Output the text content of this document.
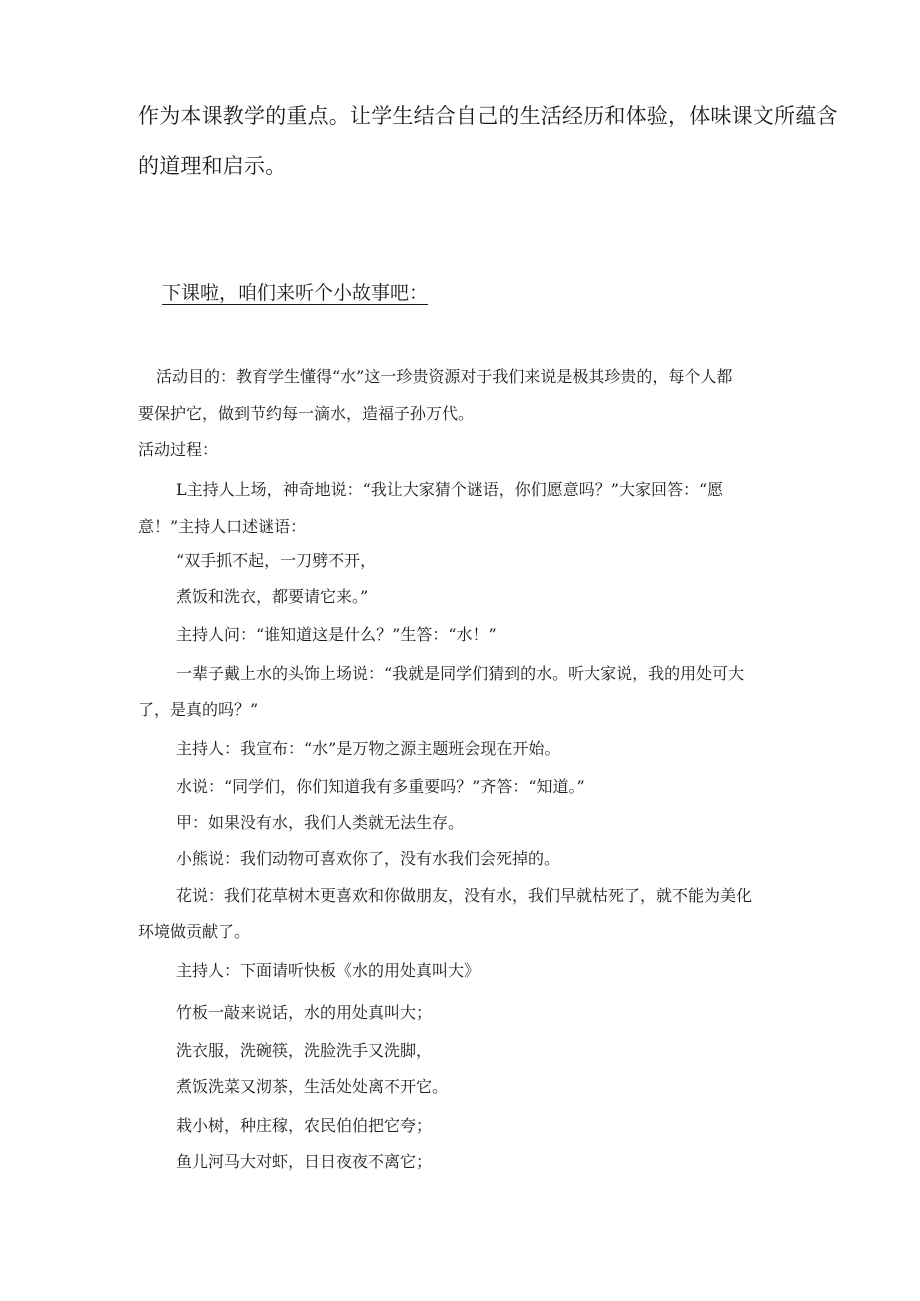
作为本课教学的重点。让学生结合自己的生活经历和体验，体味课文所蕴含
的道理和启示。
下课啦，咱们来听个小故事吧：
活动目的：教育学生懂得“水”这一珍贵资源对于我们来说是极其珍贵的，每个人都
要保护它，做到节约每一滴水，造福子孙万代。
活动过程：
L主持人上场，神奇地说：“我让大家猜个谜语，你们愿意吗？”大家回答：“愿
意！”主持人口述谜语：
“双手抓不起，一刀劈不开，
煮饭和洗衣，都要请它来。”
主持人问：“谁知道这是什么？”生答：“水！”
一辈子戴上水的头饰上场说：“我就是同学们猜到的水。听大家说，我的用处可大
了，是真的吗？”
主持人：我宣布：“水”是万物之源主题班会现在开始。
水说：“同学们，你们知道我有多重要吗？”齐答：“知道。”
甲：如果没有水，我们人类就无法生存。
小熊说：我们动物可喜欢你了，没有水我们会死掉的。
花说：我们花草树木更喜欢和你做朋友，没有水，我们早就枯死了，就不能为美化
环境做贡献了。
主持人：下面请听快板《水的用处真叫大》
竹板一敲来说话，水的用处真叫大；
洗衣服，洗碗筷，洗脸洗手又洗脚，
煮饭洗菜又沏茶，生活处处离不开它。
栽小树，种庄稼，农民伯伯把它夸；
鱼儿河马大对虾，日日夜夜不离它；
